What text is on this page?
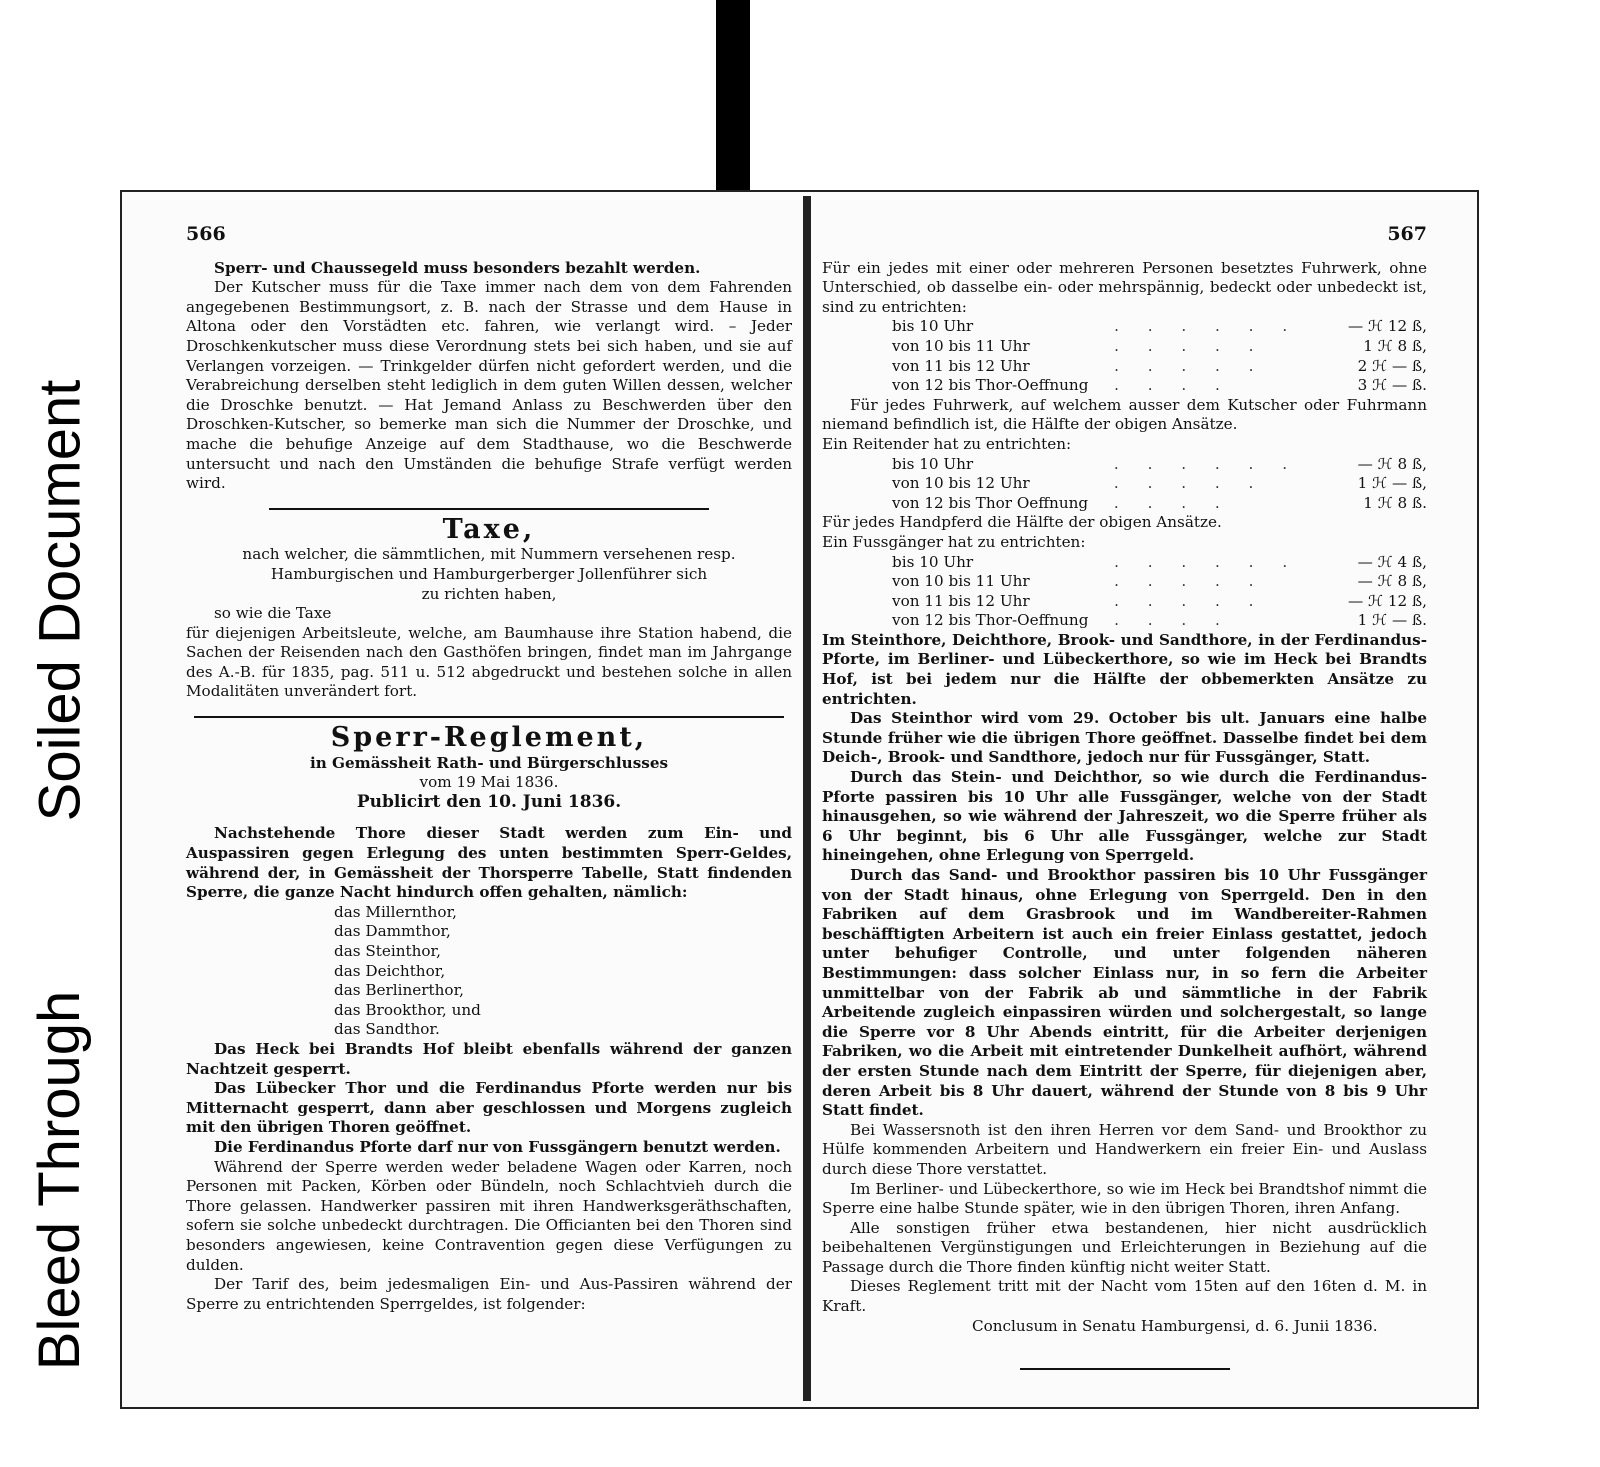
Soiled Document
Bleed Through
566

Sperr- und Chaussegeld muss besonders bezahlt werden.

Der Kutscher muss für die Taxe immer nach dem von dem Fahrenden angegebenen Bestimmungsort, z. B. nach der Strasse und dem Hause in Altona oder den Vorstädten etc. fahren, wie verlangt wird. – Jeder Droschkenkutscher muss diese Verordnung stets bei sich haben, und sie auf Verlangen vorzeigen. — Trinkgelder dürfen nicht gefordert werden, und die Verabreichung derselben steht lediglich in dem guten Willen dessen, welcher die Droschke benutzt. — Hat Jemand Anlass zu Beschwerden über den Droschken-Kutscher, so bemerke man sich die Nummer der Droschke, und mache die behufige Anzeige auf dem Stadthause, wo die Beschwerde untersucht und nach den Umständen die behufige Strafe verfügt werden wird.

Taxe,

nach welcher, die sämmtlichen, mit Nummern versehenen resp.

Hamburgischen und Hamburgerberger Jollenführer sich

zu richten haben,

so wie die Taxe

für diejenigen Arbeitsleute, welche, am Baumhause ihre Station habend, die Sachen der Reisenden nach den Gasthöfen bringen, findet man im Jahrgange des A.-B. für 1835, pag. 511 u. 512 abgedruckt und bestehen solche in allen Modalitäten unverändert fort.

Sperr-Reglement,

in Gemässheit Rath- und Bürgerschlusses

vom 19 Mai 1836.

Publicirt den 10. Juni 1836.

Nachstehende Thore dieser Stadt werden zum Ein- und Auspassiren gegen Erlegung des unten bestimmten Sperr-Geldes, während der, in Gemässheit der Thorsperre Tabelle, Statt findenden Sperre, die ganze Nacht hindurch offen gehalten, nämlich:

das Millernthor,
das Dammthor,
das Steinthor,
das Deichthor,
das Berlinerthor,
das Brookthor, und
das Sandthor.

Das Heck bei Brandts Hof bleibt ebenfalls während der ganzen Nachtzeit gesperrt.

Das Lübecker Thor und die Ferdinandus Pforte werden nur bis Mitternacht gesperrt, dann aber geschlossen und Morgens zugleich mit den übrigen Thoren geöffnet.

Die Ferdinandus Pforte darf nur von Fussgängern benutzt werden.

Während der Sperre werden weder beladene Wagen oder Karren, noch Personen mit Packen, Körben oder Bündeln, noch Schlachtvieh durch die Thore gelassen. Handwerker passiren mit ihren Handwerksgeräthschaften, sofern sie solche unbedeckt durchtragen. Die Officianten bei den Thoren sind besonders angewiesen, keine Contravention gegen diese Verfügungen zu dulden.

Der Tarif des, beim jedesmaligen Ein- und Aus-Passiren während der Sperre zu entrichtenden Sperrgeldes, ist folgender:

567

Für ein jedes mit einer oder mehreren Personen besetztes Fuhrwerk, ohne Unterschied, ob dasselbe ein- oder mehrspännig, bedeckt oder unbedeckt ist, sind zu entrichten:

bis 10 Uhr	. . . . . .	— ℋ 12 ß,
von 10 bis 11 Uhr	. . . . .	1 ℋ 8 ß,
von 11 bis 12 Uhr	. . . . .	2 ℋ — ß,
von 12 bis Thor-Oeffnung	. . . .	3 ℋ — ß.

Für jedes Fuhrwerk, auf welchem ausser dem Kutscher oder Fuhrmann niemand befindlich ist, die Hälfte der obigen Ansätze.

Ein Reitender hat zu entrichten:

bis 10 Uhr	. . . . . .	— ℋ 8 ß,
von 10 bis 12 Uhr	. . . . .	1 ℋ — ß,
von 12 bis Thor Oeffnung	. . . .	1 ℋ 8 ß.

Für jedes Handpferd die Hälfte der obigen Ansätze.

Ein Fussgänger hat zu entrichten:

bis 10 Uhr	. . . . . .	— ℋ 4 ß,
von 10 bis 11 Uhr	. . . . .	— ℋ 8 ß,
von 11 bis 12 Uhr	. . . . .	— ℋ 12 ß,
von 12 bis Thor-Oeffnung	. . . .	1 ℋ — ß.

Im Steinthore, Deichthore, Brook- und Sandthore, in der Ferdinandus-Pforte, im Berliner- und Lübeckerthore, so wie im Heck bei Brandts Hof, ist bei jedem nur die Hälfte der obbemerkten Ansätze zu entrichten.

Das Steinthor wird vom 29. October bis ult. Januars eine halbe Stunde früher wie die übrigen Thore geöffnet. Dasselbe findet bei dem Deich-, Brook- und Sandthore, jedoch nur für Fussgänger, Statt.

Durch das Stein- und Deichthor, so wie durch die Ferdinandus-Pforte passiren bis 10 Uhr alle Fussgänger, welche von der Stadt hinausgehen, so wie während der Jahreszeit, wo die Sperre früher als 6 Uhr beginnt, bis 6 Uhr alle Fussgänger, welche zur Stadt hineingehen, ohne Erlegung von Sperrgeld.

Durch das Sand- und Brookthor passiren bis 10 Uhr Fussgänger von der Stadt hinaus, ohne Erlegung von Sperrgeld. Den in den Fabriken auf dem Grasbrook und im Wandbereiter-Rahmen beschäfftigten Arbeitern ist auch ein freier Einlass gestattet, jedoch unter behufiger Controlle, und unter folgenden näheren Bestimmungen: dass solcher Einlass nur, in so fern die Arbeiter unmittelbar von der Fabrik ab und sämmtliche in der Fabrik Arbeitende zugleich einpassiren würden und solchergestalt, so lange die Sperre vor 8 Uhr Abends eintritt, für die Arbeiter derjenigen Fabriken, wo die Arbeit mit eintretender Dunkelheit aufhört, während der ersten Stunde nach dem Eintritt der Sperre, für diejenigen aber, deren Arbeit bis 8 Uhr dauert, während der Stunde von 8 bis 9 Uhr Statt findet.

Bei Wassersnoth ist den ihren Herren vor dem Sand- und Brookthor zu Hülfe kommenden Arbeitern und Handwerkern ein freier Ein- und Auslass durch diese Thore verstattet.

Im Berliner- und Lübeckerthore, so wie im Heck bei Brandtshof nimmt die Sperre eine halbe Stunde später, wie in den übrigen Thoren, ihren Anfang.

Alle sonstigen früher etwa bestandenen, hier nicht ausdrücklich beibehaltenen Vergünstigungen und Erleichterungen in Beziehung auf die Passage durch die Thore finden künftig nicht weiter Statt.

Dieses Reglement tritt mit der Nacht vom 15ten auf den 16ten d. M. in Kraft.

Conclusum in Senatu Hamburgensi, d. 6. Junii 1836.
